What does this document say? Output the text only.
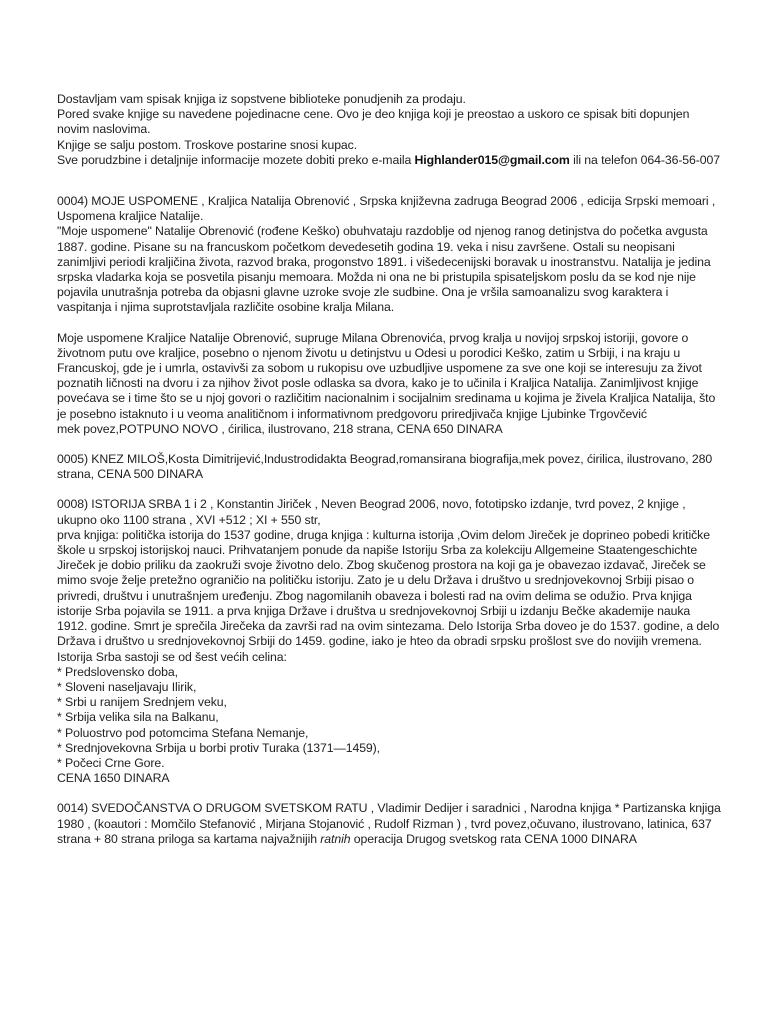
Dostavljam vam spisak knjiga iz sopstvene biblioteke ponudjenih za prodaju.

Pored svake knjige su navedene pojedinacne cene. Ovo je deo knjiga koji je preostao a uskoro ce spisak biti dopunjen novim naslovima.

Knjige se salju postom. Troskove postarine snosi kupac.

Sve porudzbine i detaljnije informacije mozete dobiti preko e-maila Highlander015@gmail.com ili na telefon 064-36-56-007

0004) MOJE USPOMENE , Kraljica Natalija Obrenović , Srpska književna zadruga Beograd 2006 , edicija Srpski memoari ,

Uspomena kraljice Natalije.

"Moje uspomene" Natalije Obrenović (rođene Keško) obuhvataju razdoblje od njenog ranog detinjstva do početka avgusta 1887. godine. Pisane su na francuskom početkom devedesetih godina 19. veka i nisu završene. Ostali su neopisani zanimljivi periodi kraljičina života, razvod braka, progonstvo 1891. i višedecenijski boravak u inostranstvu. Natalija je jedina srpska vladarka koja se posvetila pisanju memoara. Možda ni ona ne bi pristupila spisateljskom poslu da se kod nje nije pojavila unutrašnja potreba da objasni glavne uzroke svoje zle sudbine. Ona je vršila samoanalizu svog karaktera i vaspitanja i njima suprotstavljala različite osobine kralja Milana.

Moje uspomene Kraljice Natalije Obrenović, supruge Milana Obrenovića, prvog kralja u novijoj srpskoj istoriji, govore o životnom putu ove kraljice, posebno o njenom životu u detinjstvu u Odesi u porodici Keško, zatim u Srbiji, i na kraju u Francuskoj, gde je i umrla, ostavivši za sobom u rukopisu ove uzbudljive uspomene za sve one koji se interesuju za život poznatih ličnosti na dvoru i za njihov život posle odlaska sa dvora, kako je to učinila i Kraljica Natalija. Zanimljivost knjige povećava se i time što se u njoj govori o različitim nacionalnim i socijalnim sredinama u kojima je živela Kraljica Natalija, što je posebno istaknuto i u veoma analitičnom i informativnom predgovoru priredjivača knjige Ljubinke Trgovčević

mek povez,POTPUNO NOVO , ćirilica, ilustrovano, 218 strana, CENA 650 DINARA

0005) KNEZ MILOŠ,Kosta Dimitrijević,Industrodidakta Beograd,romansirana biografija,mek povez, ćirilica, ilustrovano, 280 strana, CENA 500 DINARA

0008) ISTORIJA SRBA 1 i 2 , Konstantin Jiriček , Neven Beograd 2006, novo, fototipsko izdanje, tvrd povez, 2 knjige , ukupno oko 1100 strana , XVI +512 ; XI + 550 str,

prva knjiga: politička istorija do 1537 godine, druga knjiga : kulturna istorija ,Ovim delom Jireček je doprineo pobedi kritičke škole u srpskoj istorijskoj nauci. Prihvatanjem ponude da napiše Istoriju Srba za kolekciju Allgemeine Staatengeschichte Jireček je dobio priliku da zaokruži svoje životno delo. Zbog skučenog prostora na koji ga je obavezao izdavač, Jireček se mimo svoje želje pretežno ograničio na političku istoriju. Zato je u delu Država i društvo u srednjovekovnoj Srbiji pisao o privredi, društvu i unutrašnjem uređenju. Zbog nagomilanih obaveza i bolesti rad na ovim delima se odužio. Prva knjiga istorije Srba pojavila se 1911. a prva knjiga Države i društva u srednjovekovnoj Srbiji u izdanju Bečke akademije nauka 1912. godine. Smrt je sprečila Jirečeka da završi rad na ovim sintezama. Delo Istorija Srba doveo je do 1537. godine, a delo Država i društvo u srednjovekovnoj Srbiji do 1459. godine, iako je hteo da obradi srpsku prošlost sve do novijih vremena.

Istorija Srba sastoji se od šest većih celina:

* Predslovensko doba,

* Sloveni naseljavaju Ilirik,

* Srbi u ranijem Srednjem veku,

* Srbija velika sila na Balkanu,

* Poluostrvo pod potomcima Stefana Nemanje,

* Srednjovekovna Srbija u borbi protiv Turaka (1371—1459),

* Počeci Crne Gore.

CENA 1650 DINARA

0014) SVEDOČANSTVA O DRUGOM SVETSKOM RATU , Vladimir Dedijer i saradnici , Narodna knjiga * Partizanska knjiga 1980 , (koautori : Momčilo Stefanović , Mirjana Stojanović , Rudolf Rizman ) , tvrd povez,očuvano, ilustrovano, latinica, 637 strana + 80 strana priloga sa kartama najvažnijih ratnih operacija Drugog svetskog rata CENA 1000 DINARA
